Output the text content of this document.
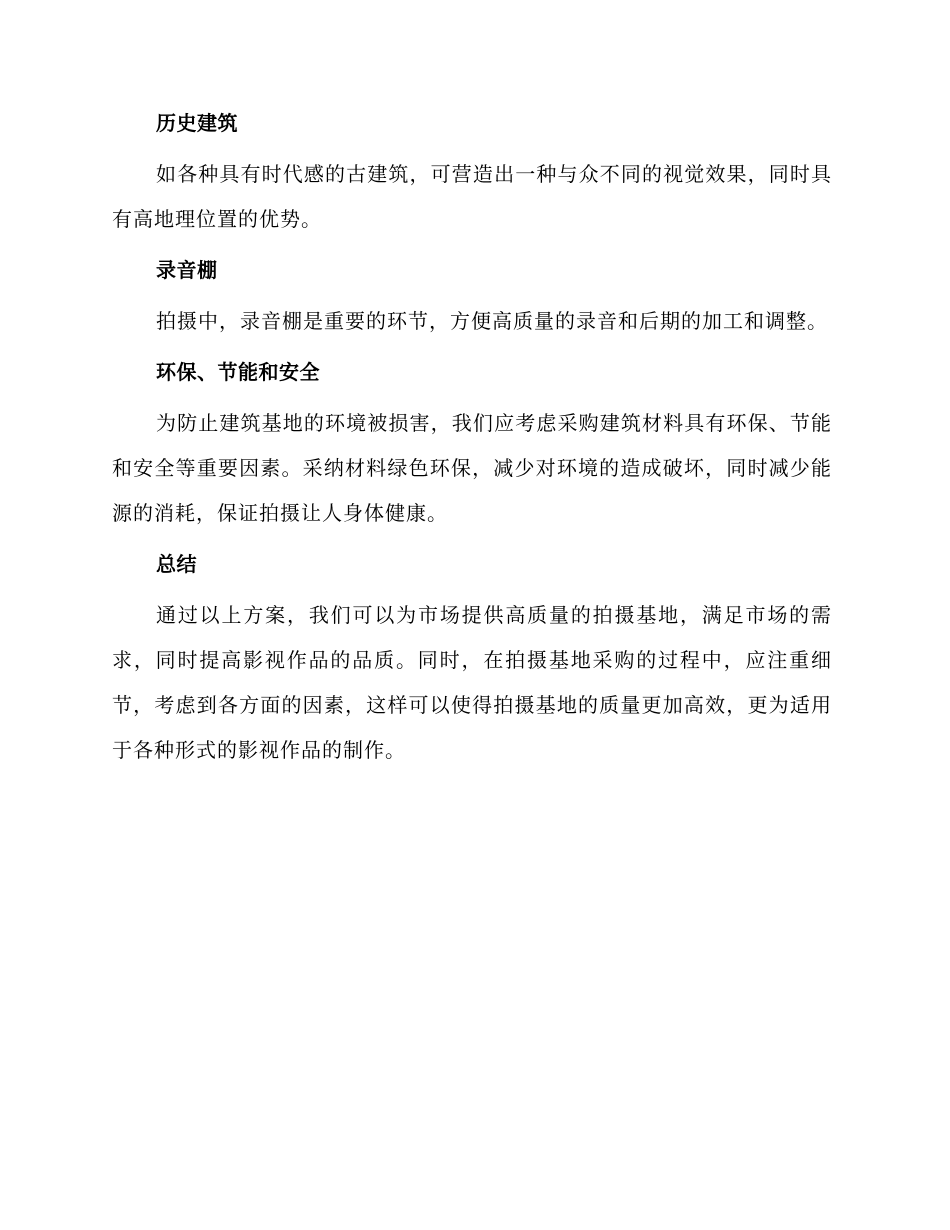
历史建筑

如各种具有时代感的古建筑，可营造出一种与众不同的视觉效果，同时具有高地理位置的优势。

录音棚

拍摄中，录音棚是重要的环节，方便高质量的录音和后期的加工和调整。

环保、节能和安全

为防止建筑基地的环境被损害，我们应考虑采购建筑材料具有环保、节能和安全等重要因素。采纳材料绿色环保，减少对环境的造成破坏，同时减少能源的消耗，保证拍摄让人身体健康。

总结

通过以上方案，我们可以为市场提供高质量的拍摄基地，满足市场的需求，同时提高影视作品的品质。同时，在拍摄基地采购的过程中，应注重细节，考虑到各方面的因素，这样可以使得拍摄基地的质量更加高效，更为适用于各种形式的影视作品的制作。
